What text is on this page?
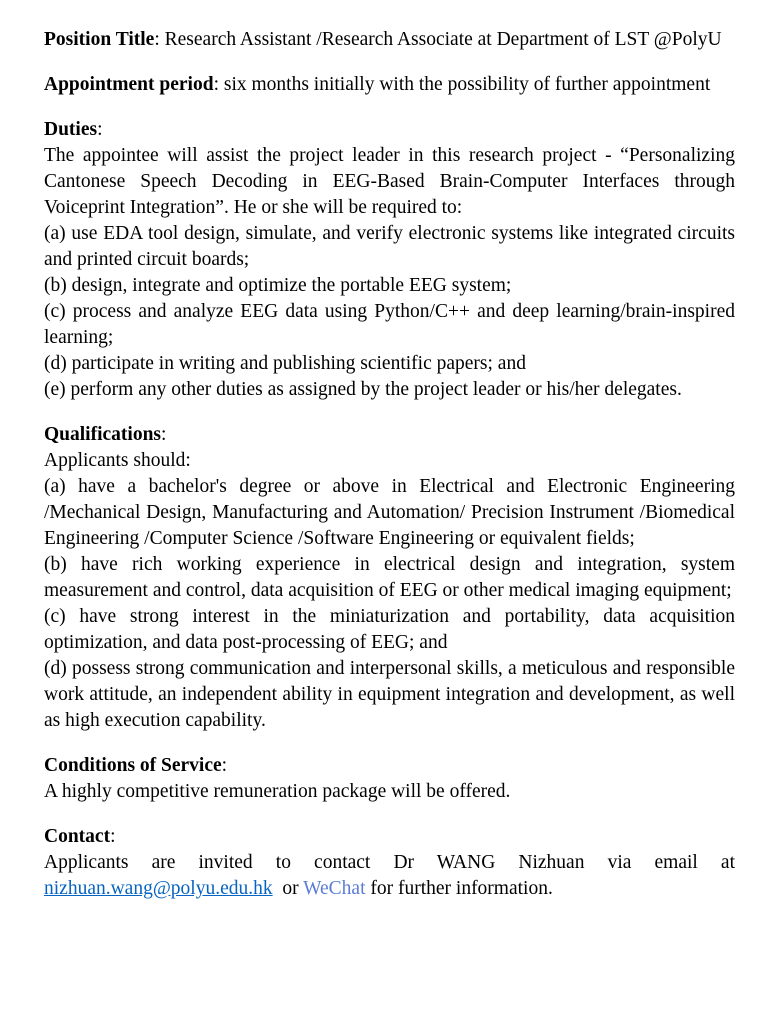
Position Title: Research Assistant /Research Associate at Department of LST @PolyU

Appointment period: six months initially with the possibility of further appointment

Duties:

The appointee will assist the project leader in this research project - “Personalizing Cantonese Speech Decoding in EEG-Based Brain-Computer Interfaces through Voiceprint Integration”. He or she will be required to:

(a) use EDA tool design, simulate, and verify electronic systems like integrated circuits and printed circuit boards;

(b) design, integrate and optimize the portable EEG system;

(c) process and analyze EEG data using Python/C++ and deep learning/brain-inspired learning;

(d) participate in writing and publishing scientific papers; and

(e) perform any other duties as assigned by the project leader or his/her delegates.

Qualifications:

Applicants should:

(a) have a bachelor's degree or above in Electrical and Electronic Engineering /Mechanical Design, Manufacturing and Automation/ Precision Instrument /Biomedical Engineering /Computer Science /Software Engineering or equivalent fields;

(b) have rich working experience in electrical design and integration, system measurement and control, data acquisition of EEG or other medical imaging equipment;

(c) have strong interest in the miniaturization and portability, data acquisition optimization, and data post-processing of EEG; and

(d) possess strong communication and interpersonal skills, a meticulous and responsible work attitude, an independent ability in equipment integration and development, as well as high execution capability.

Conditions of Service:

A highly competitive remuneration package will be offered.

Contact:

Applicants are invited to contact Dr WANG Nizhuan via email at nizhuan.wang@polyu.edu.hk  or WeChat for further information.
